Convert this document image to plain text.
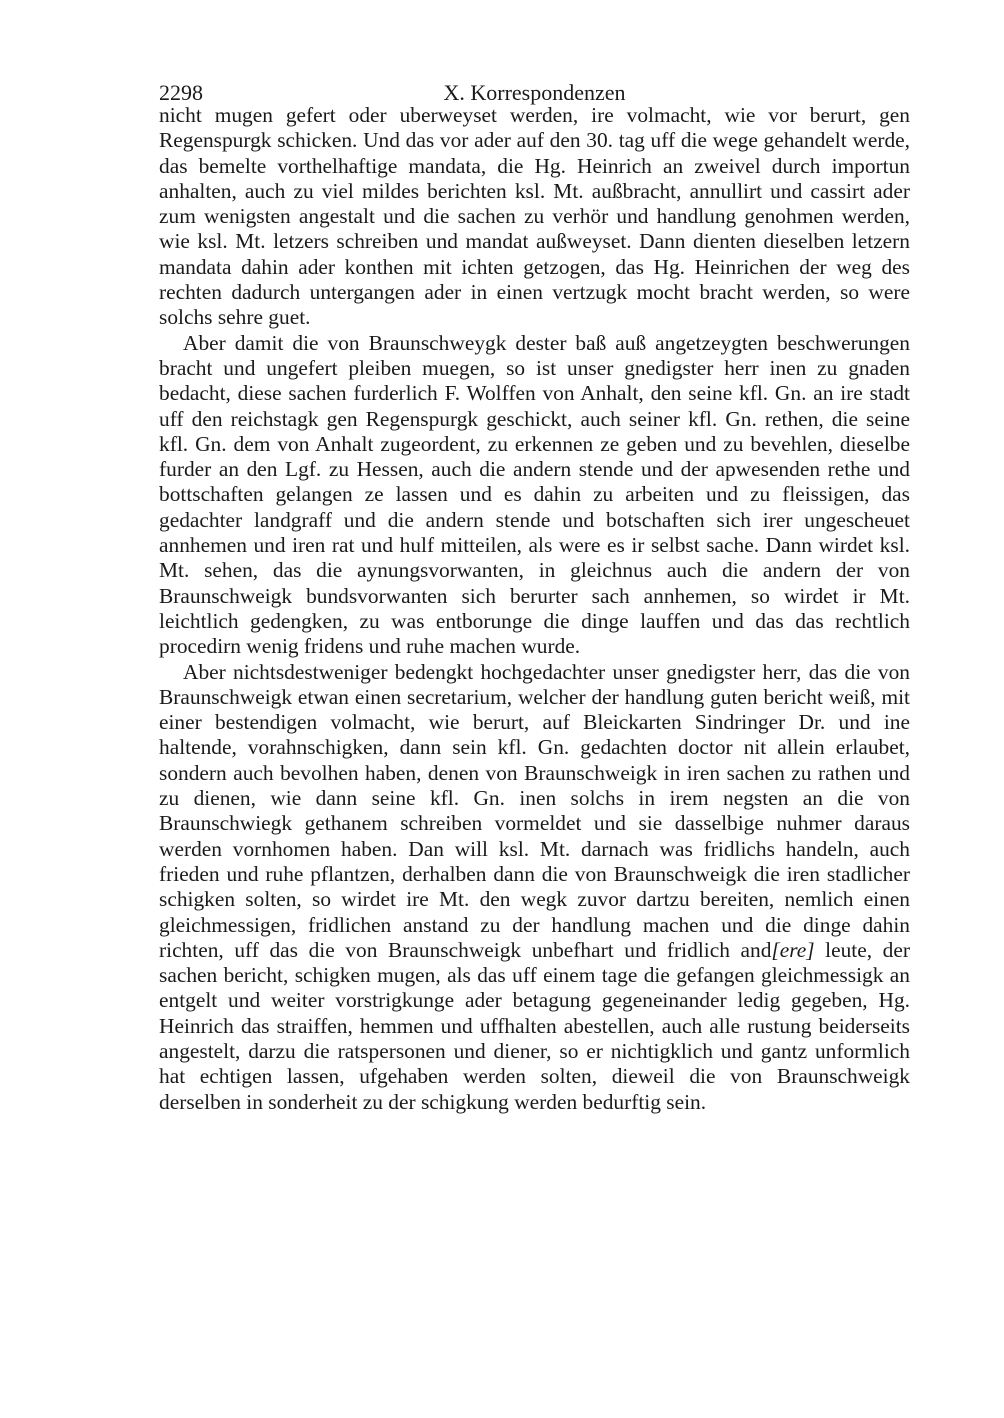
2298	X. Korrespondenzen

nicht mugen gefert oder uberweyset werden, ire volmacht, wie vor berurt, gen Regenspurgk schicken. Und das vor ader auf den 30. tag uff die wege gehandelt werde, das bemelte vorthelhaftige mandata, die Hg. Heinrich an zweivel durch importun anhalten, auch zu viel mildes berichten ksl. Mt. außbracht, annullirt und cassirt ader zum wenigsten angestalt und die sachen zu verhör und handlung genohmen werden, wie ksl. Mt. letzers schreiben und mandat außweyset. Dann dienten dieselben letzern mandata dahin ader konthen mit ichten getzogen, das Hg. Heinrichen der weg des rechten dadurch untergangen ader in einen vertzugk mocht bracht werden, so were solchs sehre guet.

Aber damit die von Braunschweygk dester baß auß angetzeygten beschwerungen bracht und ungefert pleiben muegen, so ist unser gnedigster herr inen zu gnaden bedacht, diese sachen furderlich F. Wolffen von Anhalt, den seine kfl. Gn. an ire stadt uff den reichstagk gen Regenspurgk geschickt, auch seiner kfl. Gn. rethen, die seine kfl. Gn. dem von Anhalt zugeordent, zu erkennen ze geben und zu bevehlen, dieselbe furder an den Lgf. zu Hessen, auch die andern stende und der apwesenden rethe und bottschaften gelangen ze lassen und es dahin zu arbeiten und zu fleissigen, das gedachter landgraff und die andern stende und botschaften sich irer ungescheuet annhemen und iren rat und hulf mitteilen, als were es ir selbst sache. Dann wirdet ksl. Mt. sehen, das die aynungsvorwanten, in gleichnus auch die andern der von Braunschweigk bundsvorwanten sich berurter sach annhemen, so wirdet ir Mt. leichtlich gedengken, zu was entborunge die dinge lauffen und das das rechtlich procedirn wenig fridens und ruhe machen wurde.

Aber nichtsdestweniger bedengkt hochgedachter unser gnedigster herr, das die von Braunschweigk etwan einen secretarium, welcher der handlung guten bericht weiß, mit einer bestendigen volmacht, wie berurt, auf Bleickarten Sindringer Dr. und ine haltende, vorahnschigken, dann sein kfl. Gn. gedachten doctor nit allein erlaubet, sondern auch bevolhen haben, denen von Braunschweigk in iren sachen zu rathen und zu dienen, wie dann seine kfl. Gn. inen solchs in irem negsten an die von Braunschwiegk gethanem schreiben vormeldet und sie dasselbige nuhmer daraus werden vornhomen haben. Dan will ksl. Mt. darnach was fridlichs handeln, auch frieden und ruhe pflantzen, derhalben dann die von Braunschweigk die iren stadlicher schigken solten, so wirdet ire Mt. den wegk zuvor dartzu bereiten, nemlich einen gleichmessigen, fridlichen anstand zu der handlung machen und die dinge dahin richten, uff das die von Braunschweigk unbefhart und fridlich and[ere] leute, der sachen bericht, schigken mugen, als das uff einem tage die gefangen gleichmessigk an entgelt und weiter vorstrigkunge ader betagung gegeneinander ledig gegeben, Hg. Heinrich das straiffen, hemmen und uffhalten abestellen, auch alle rustung beiderseits angestelt, darzu die ratspersonen und diener, so er nichtigklich und gantz unformlich hat echtigen lassen, ufgehaben werden solten, dieweil die von Braunschweigk derselben in sonderheit zu der schigkung werden bedurftig sein.
